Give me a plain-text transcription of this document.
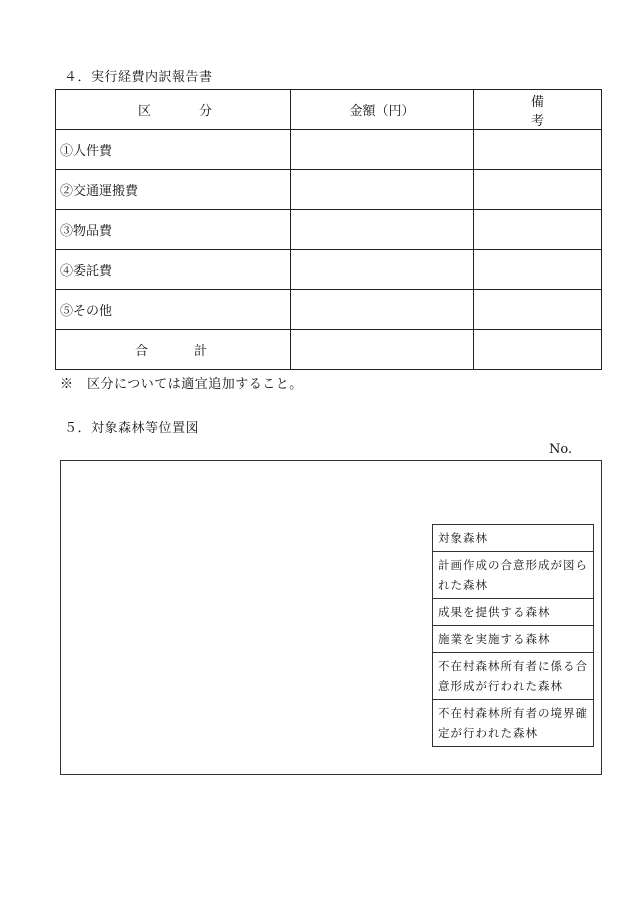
４．実行経費内訳報告書
区分	金額（円）	備考
①人件費		
②交通運搬費		
③物品費		
④委託費		
⑤その他		
合計		
※　区分については適宜追加すること。
５．対象森林等位置図
No.
対象森林
計画作成の合意形成が図られた森林
成果を提供する森林
施業を実施する森林
不在村森林所有者に係る合意形成が行われた森林
不在村森林所有者の境界確定が行われた森林
